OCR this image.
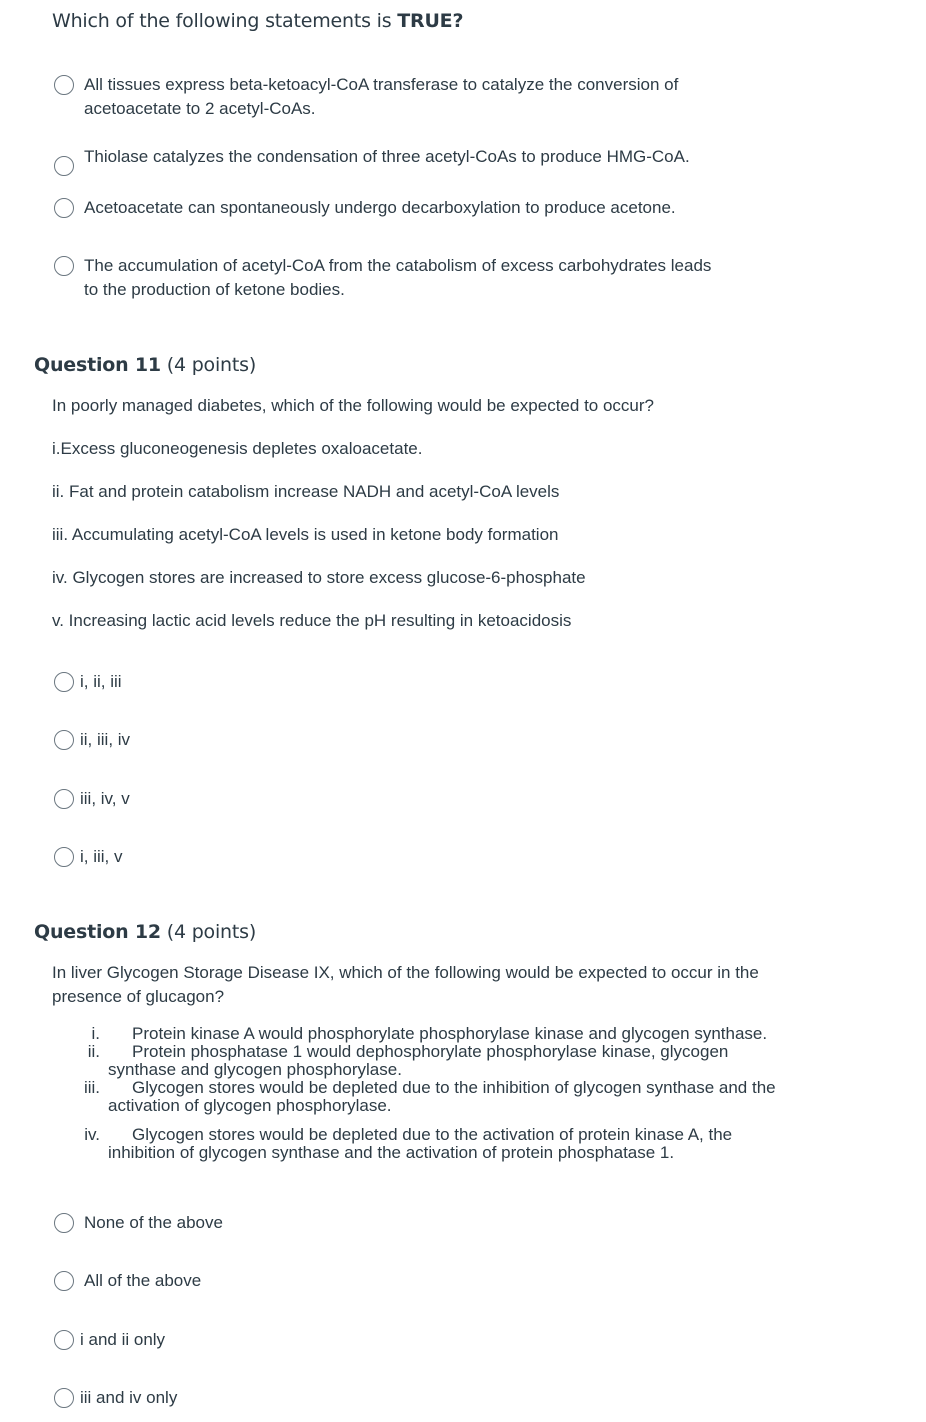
Which of the following statements is TRUE?
All tissues express beta-ketoacyl-CoA transferase to catalyze the conversion of acetoacetate to 2 acetyl-CoAs.
Thiolase catalyzes the condensation of three acetyl-CoAs to produce HMG-CoA.
Acetoacetate can spontaneously undergo decarboxylation to produce acetone.
The accumulation of acetyl-CoA from the catabolism of excess carbohydrates leads to the production of ketone bodies.
Question 11 (4 points)
In poorly managed diabetes, which of the following would be expected to occur?
i.Excess gluconeogenesis depletes oxaloacetate.
ii. Fat and protein catabolism increase NADH and acetyl-CoA levels
iii. Accumulating acetyl-CoA levels is used in ketone body formation
iv. Glycogen stores are increased to store excess glucose-6-phosphate
v. Increasing lactic acid levels reduce the pH resulting in ketoacidosis
i, ii, iii
ii, iii, iv
iii, iv, v
i, iii, v
Question 12 (4 points)
In liver Glycogen Storage Disease IX, which of the following would be expected to occur in the presence of glucagon?
i.	Protein kinase A would phosphorylate phosphorylase kinase and glycogen synthase.
ii.	Protein phosphatase 1 would dephosphorylate phosphorylase kinase, glycogen synthase and glycogen phosphorylase.
iii.	Glycogen stores would be depleted due to the inhibition of glycogen synthase and the activation of glycogen phosphorylase.
iv.	Glycogen stores would be depleted due to the activation of protein kinase A, the inhibition of glycogen synthase and the activation of protein phosphatase 1.
None of the above
All of the above
i and ii only
iii and iv only
